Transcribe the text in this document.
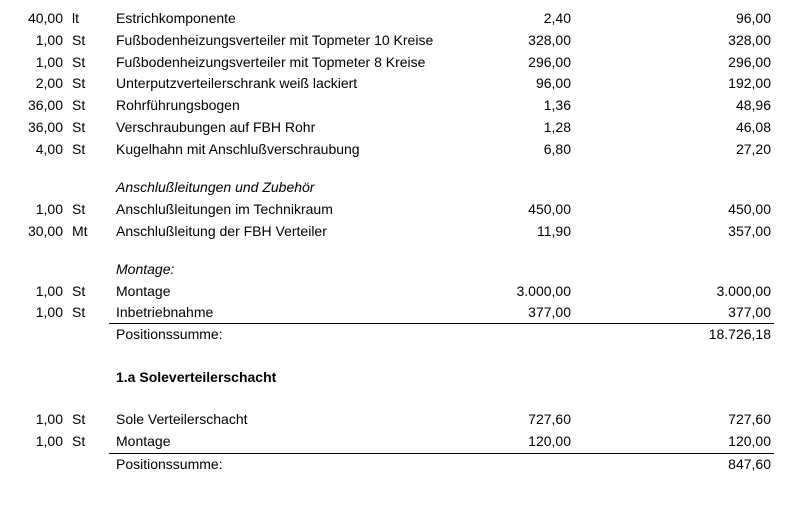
40,00 lt	Estrichkomponente	2,40	96,00
1,00 St Fußbodenheizungsverteiler mit Topmeter 10 Kreise	328,00	328,00
1,00 St Fußbodenheizungsverteiler mit Topmeter 8 Kreise	296,00	296,00
2,00 St Unterputzverteilerschrank weiß lackiert	96,00	192,00
36,00 St Rohrführungsbogen	1,36	48,96
36,00 St Verschraubungen auf FBH Rohr	1,28	46,08
4,00 St Kugelhahn mit Anschlußverschraubung	6,80	27,20
Anschlußleitungen und Zubehör
1,00 St Anschlußleitungen im Technikraum	450,00	450,00
30,00 Mt Anschlußleitung der FBH Verteiler	11,90	357,00
Montage:
1,00 St Montage	3.000,00	3.000,00
1,00 St Inbetriebnahme	377,00	377,00
Positionssumme:	18.726,18
1.a Soleverteilerschacht
1,00 St Sole Verteilerschacht	727,60	727,60
1,00 St Montage	120,00	120,00
Positionssumme:	847,60
